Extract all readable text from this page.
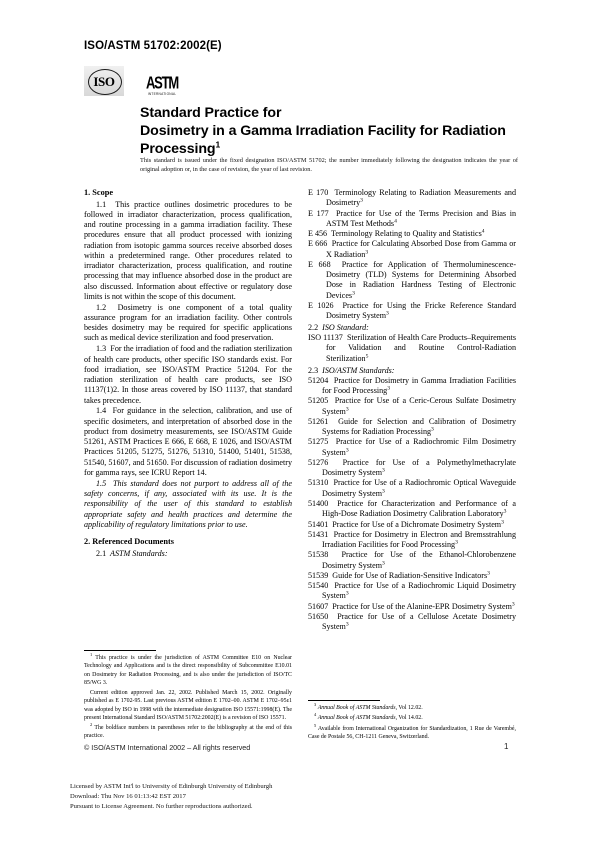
ISO/ASTM 51702:2002(E)
ISO ASTM
INTERNATIONAL
Standard Practice for
Dosimetry in a Gamma Irradiation Facility for Radiation
Processing$^1$
This standard is issued under the fixed designation ISO/ASTM 51702; the number immediately following the designation indicates the year of original adoption or, in the case of revision, the year of last revision.
1. Scope

1.1 This practice outlines dosimetric procedures to be followed in irradiator characterization, process qualification, and routine processing in a gamma irradiation facility. These procedures ensure that all product processed with ionizing radiation from isotopic gamma sources receive absorbed doses within a predetermined range. Other procedures related to irradiator characterization, process qualification, and routine processing that may influence absorbed dose in the product are also discussed. Information about effective or regulatory dose limits is not within the scope of this document.

1.2 Dosimetry is one component of a total quality assurance program for an irradiation facility. Other controls besides dosimetry may be required for specific applications such as medical device sterilization and food preservation.

1.3 For the irradiation of food and the radiation sterilization of health care products, other specific ISO standards exist. For food irradiation, see ISO/ASTM Practice 51204. For the radiation sterilization of health care products, see ISO 11137(1)2. In those areas covered by ISO 11137, that standard takes precedence.

1.4 For guidance in the selection, calibration, and use of specific dosimeters, and interpretation of absorbed dose in the product from dosimetry measurements, see ISO/ASTM Guide 51261, ASTM Practices E 666, E 668, E 1026, and ISO/ASTM Practices 51205, 51275, 51276, 51310, 51400, 51401, 51538, 51540, 51607, and 51650. For discussion of radiation dosimetry for gamma rays, see ICRU Report 14.

1.5 This standard does not purport to address all of the safety concerns, if any, associated with its use. It is the responsibility of the user of this standard to establish appropriate safety and health practices and determine the applicability of regulatory limitations prior to use.

2. Referenced Documents
2.1 ASTM Standards:

E 170 Terminology Relating to Radiation Measurements and Dosimetry$^3$

E 177 Practice for Use of the Terms Precision and Bias in ASTM Test Methods$^4$

E 456 Terminology Relating to Quality and Statistics$^4$

E 666 Practice for Calculating Absorbed Dose from Gamma or X Radiation$^3$

E 668 Practice for Application of Thermoluminescence-Dosimetry (TLD) Systems for Determining Absorbed Dose in Radiation Hardness Testing of Electronic Devices$^3$

E 1026 Practice for Using the Fricke Reference Standard Dosimetry System$^3$

2.2 ISO Standard:

ISO 11137 Sterilization of Health Care Products–Requirements for Validation and Routine Control-Radiation Sterilization$^5$

2.3 ISO/ASTM Standards:

51204 Practice for Dosimetry in Gamma Irradiation Facilities for Food Processing$^3$

51205 Practice for Use of a Ceric-Cerous Sulfate Dosimetry System$^3$

51261 Guide for Selection and Calibration of Dosimetry Systems for Radiation Processing$^3$

51275 Practice for Use of a Radiochromic Film Dosimetry System$^3$

51276 Practice for Use of a Polymethylmethacrylate Dosimetry System$^3$

51310 Practice for Use of a Radiochromic Optical Waveguide Dosimetry System$^3$

51400 Practice for Characterization and Performance of a High-Dose Radiation Dosimetry Calibration Laboratory$^3$

51401 Practice for Use of a Dichromate Dosimetry System$^3$

51431 Practice for Dosimetry in Electron and Bremsstrahlung Irradiation Facilities for Food Processing$^3$

51538 Practice for Use of the Ethanol-Chlorobenzene Dosimetry System$^3$

51539 Guide for Use of Radiation-Sensitive Indicators$^3$

51540 Practice for Use of a Radiochromic Liquid Dosimetry System$^3$

51607 Practice for Use of the Alanine-EPR Dosimetry System$^3$

51650 Practice for Use of a Cellulose Acetate Dosimetry System$^3$

$^1$ This practice is under the jurisdiction of ASTM Committee E10 on Nuclear Technology and Applications and is the direct responsibility of Subcommittee E10.01 on Dosimetry for Radiation Processing, and is also under the jurisdiction of ISO/TC 85/WG 3.

Current edition approved Jan. 22, 2002. Published March 15, 2002. Originally published as E 1702-95. Last previous ASTM edition E 1702–00. ASTM E 1702–95ε1 was adopted by ISO in 1998 with the intermediate designation ISO 15571:1998(E). The present International Standard ISO/ASTM 51702:2002(E) is a revision of ISO 15571.

$^2$ The boldface numbers in parentheses refer to the bibliography at the end of this practice.

$^3$ Annual Book of ASTM Standards, Vol 12.02.

$^4$ Annual Book of ASTM Standards, Vol 14.02.

$^5$ Available from International Organization for Standardization, 1 Rue de Varembé, Case de Postale 56, CH-1211 Geneva, Switzerland.

© ISO/ASTM International 2002 – All rights reserved	1
Licensed by ASTM Int'l to University of Edinburgh University of Edinburgh
Download: Thu Nov 16 01:13:42 EST 2017
Pursuant to License Agreement. No further reproductions authorized.
